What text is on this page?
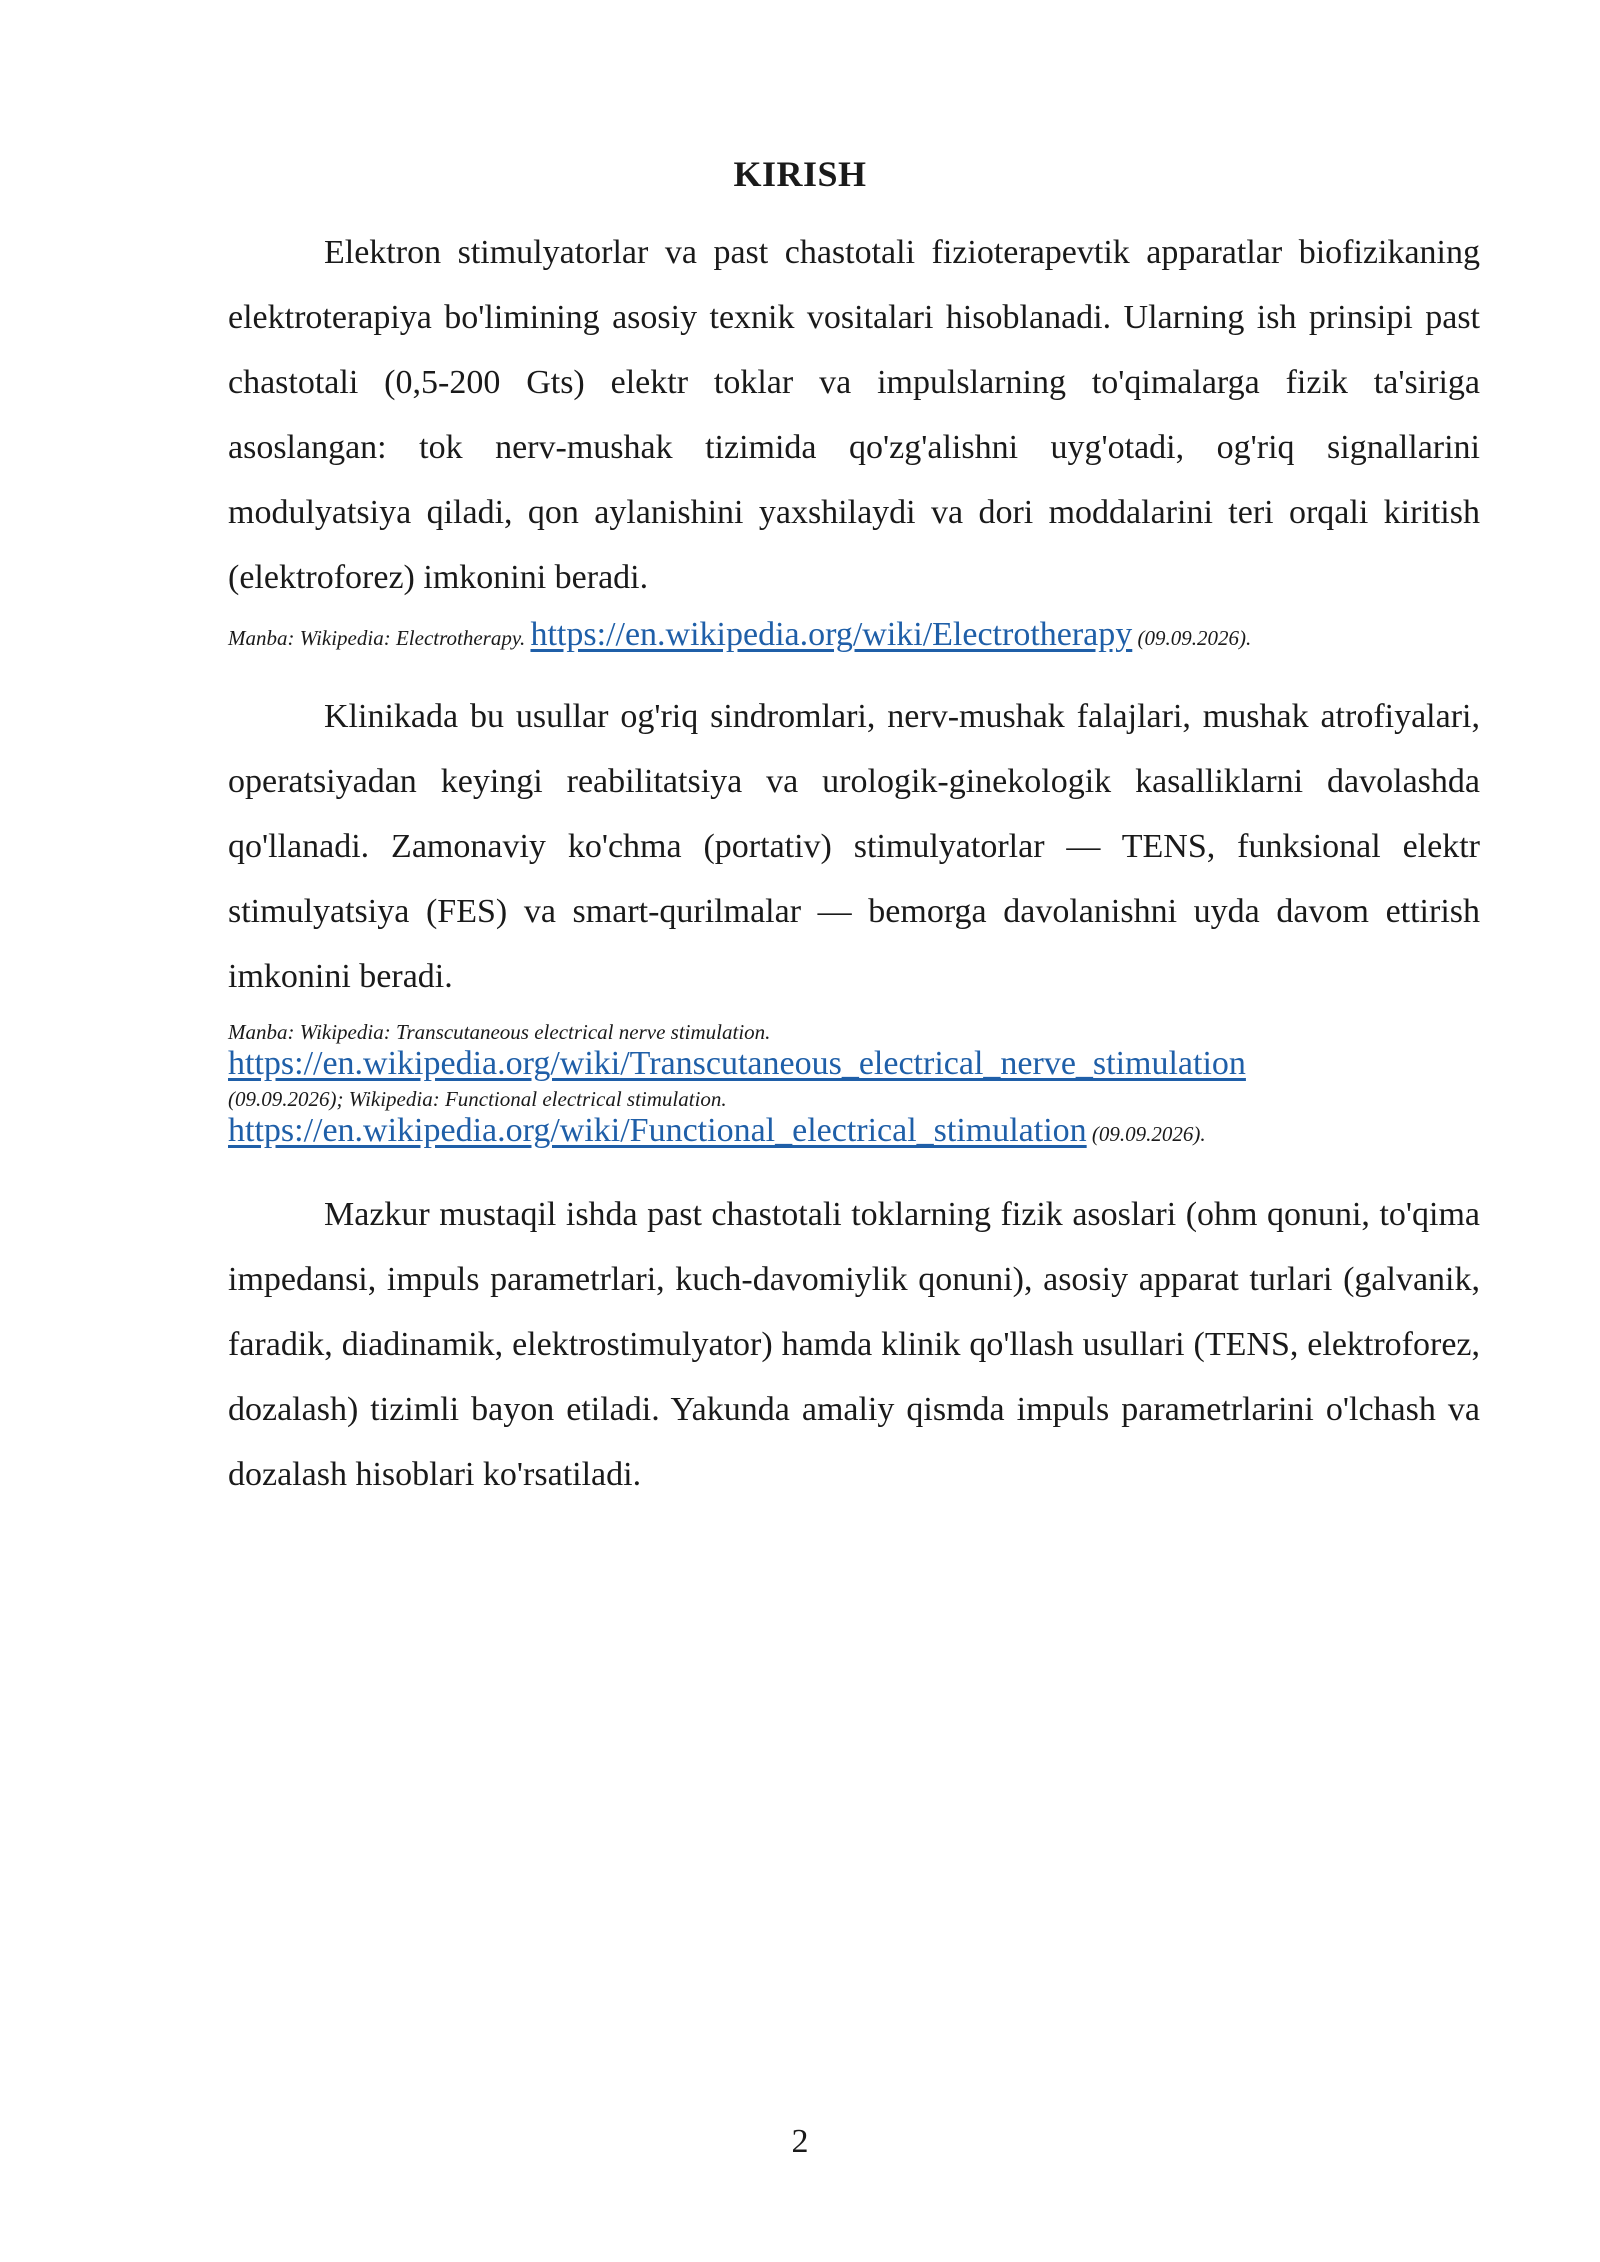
KIRISH

Elektron stimulyatorlar va past chastotali fizioterapevtik apparatlar biofizikaning elektroterapiya bo'limining asosiy texnik vositalari hisoblanadi. Ularning ish prinsipi past chastotali (0,5-200 Gts) elektr toklar va impulslarning to'qimalarga fizik ta'siriga asoslangan: tok nerv-mushak tizimida qo'zg'alishni uyg'otadi, og'riq signallarini modulyatsiya qiladi, qon aylanishini yaxshilaydi va dori moddalarini teri orqali kiritish (elektroforez) imkonini beradi.

Manba: Wikipedia: Electrotherapy. https://en.wikipedia.org/wiki/Electrotherapy (09.09.2026).

Klinikada bu usullar og'riq sindromlari, nerv-mushak falajlari, mushak atrofiyalari, operatsiyadan keyingi reabilitatsiya va urologik-ginekologik kasalliklarni davolashda qo'llanadi. Zamonaviy ko'chma (portativ) stimulyatorlar — TENS, funksional elektr stimulyatsiya (FES) va smart-qurilmalar — bemorga davolanishni uyda davom ettirish imkonini beradi.

Manba: Wikipedia: Transcutaneous electrical nerve stimulation.
https://en.wikipedia.org/wiki/Transcutaneous_electrical_nerve_stimulation
(09.09.2026); Wikipedia: Functional electrical stimulation.
https://en.wikipedia.org/wiki/Functional_electrical_stimulation (09.09.2026).

Mazkur mustaqil ishda past chastotali toklarning fizik asoslari (ohm qonuni, to'qima impedansi, impuls parametrlari, kuch-davomiylik qonuni), asosiy apparat turlari (galvanik, faradik, diadinamik, elektrostimulyator) hamda klinik qo'llash usullari (TENS, elektroforez, dozalash) tizimli bayon etiladi. Yakunda amaliy qismda impuls parametrlarini o'lchash va dozalash hisoblari ko'rsatiladi.

2
